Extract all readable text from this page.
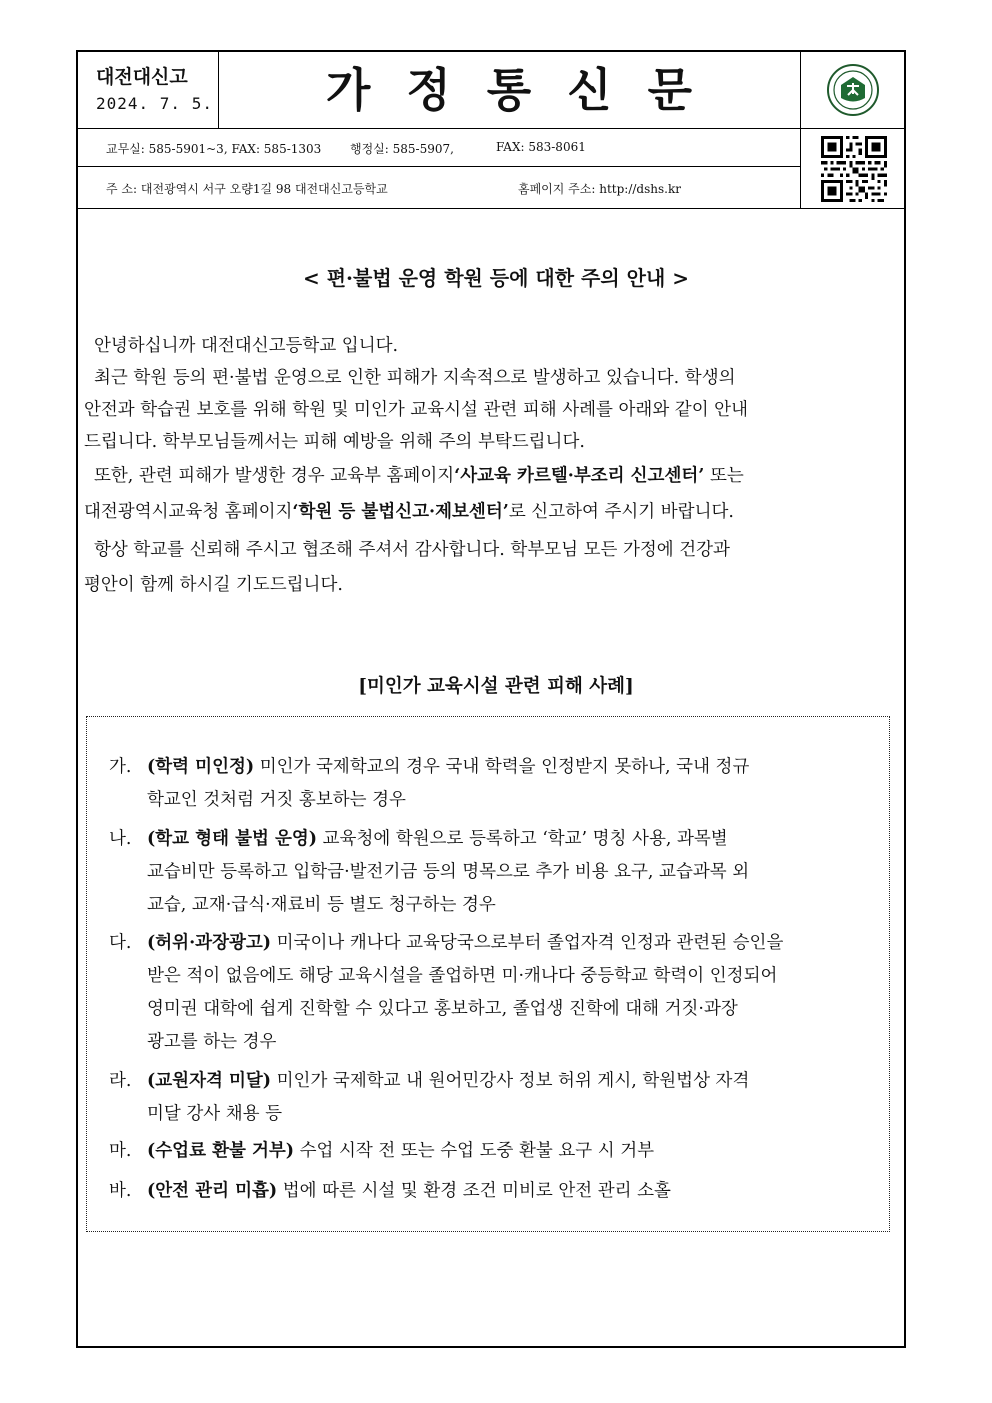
대전대신고
2024. 7. 5.	가정통신문
교무실: 585-5901~3, FAX: 585-1303 행정실: 585-5907,	FAX: 583-8061
주 소: 대전광역시 서구 오량1길 98 대전대신고등학교	홈페이지 주소: http://dshs.kr
< 편·불법 운영 학원 등에 대한 주의 안내 >

안녕하십니까 대전대신고등학교 입니다.

최근 학원 등의 편·불법 운영으로 인한 피해가 지속적으로 발생하고 있습니다. 학생의

안전과 학습권 보호를 위해 학원 및 미인가 교육시설 관련 피해 사례를 아래와 같이 안내

드립니다. 학부모님들께서는 피해 예방을 위해 주의 부탁드립니다.

또한, 관련 피해가 발생한 경우 교육부 홈페이지‘사교육 카르텔·부조리 신고센터’ 또는

대전광역시교육청 홈페이지‘학원 등 불법신고·제보센터’로 신고하여 주시기 바랍니다.

항상 학교를 신뢰해 주시고 협조해 주셔서 감사합니다. 학부모님 모든 가정에 건강과

평안이 함께 하시길 기도드립니다.

[미인가 교육시설 관련 피해 사례]
가. (학력 미인정) 미인가 국제학교의 경우 국내 학력을 인정받지 못하나, 국내 정규
학교인 것처럼 거짓 홍보하는 경우
나. (학교 형태 불법 운영) 교육청에 학원으로 등록하고 ‘학교’ 명칭 사용, 과목별
교습비만 등록하고 입학금·발전기금 등의 명목으로 추가 비용 요구, 교습과목 외
교습, 교재·급식·재료비 등 별도 청구하는 경우
다. (허위·과장광고) 미국이나 캐나다 교육당국으로부터 졸업자격 인정과 관련된 승인을
받은 적이 없음에도 해당 교육시설을 졸업하면 미·캐나다 중등학교 학력이 인정되어
영미권 대학에 쉽게 진학할 수 있다고 홍보하고, 졸업생 진학에 대해 거짓·과장
광고를 하는 경우
라. (교원자격 미달) 미인가 국제학교 내 원어민강사 정보 허위 게시, 학원법상 자격
미달 강사 채용 등
마. (수업료 환불 거부) 수업 시작 전 또는 수업 도중 환불 요구 시 거부
바. (안전 관리 미흡) 법에 따른 시설 및 환경 조건 미비로 안전 관리 소홀
